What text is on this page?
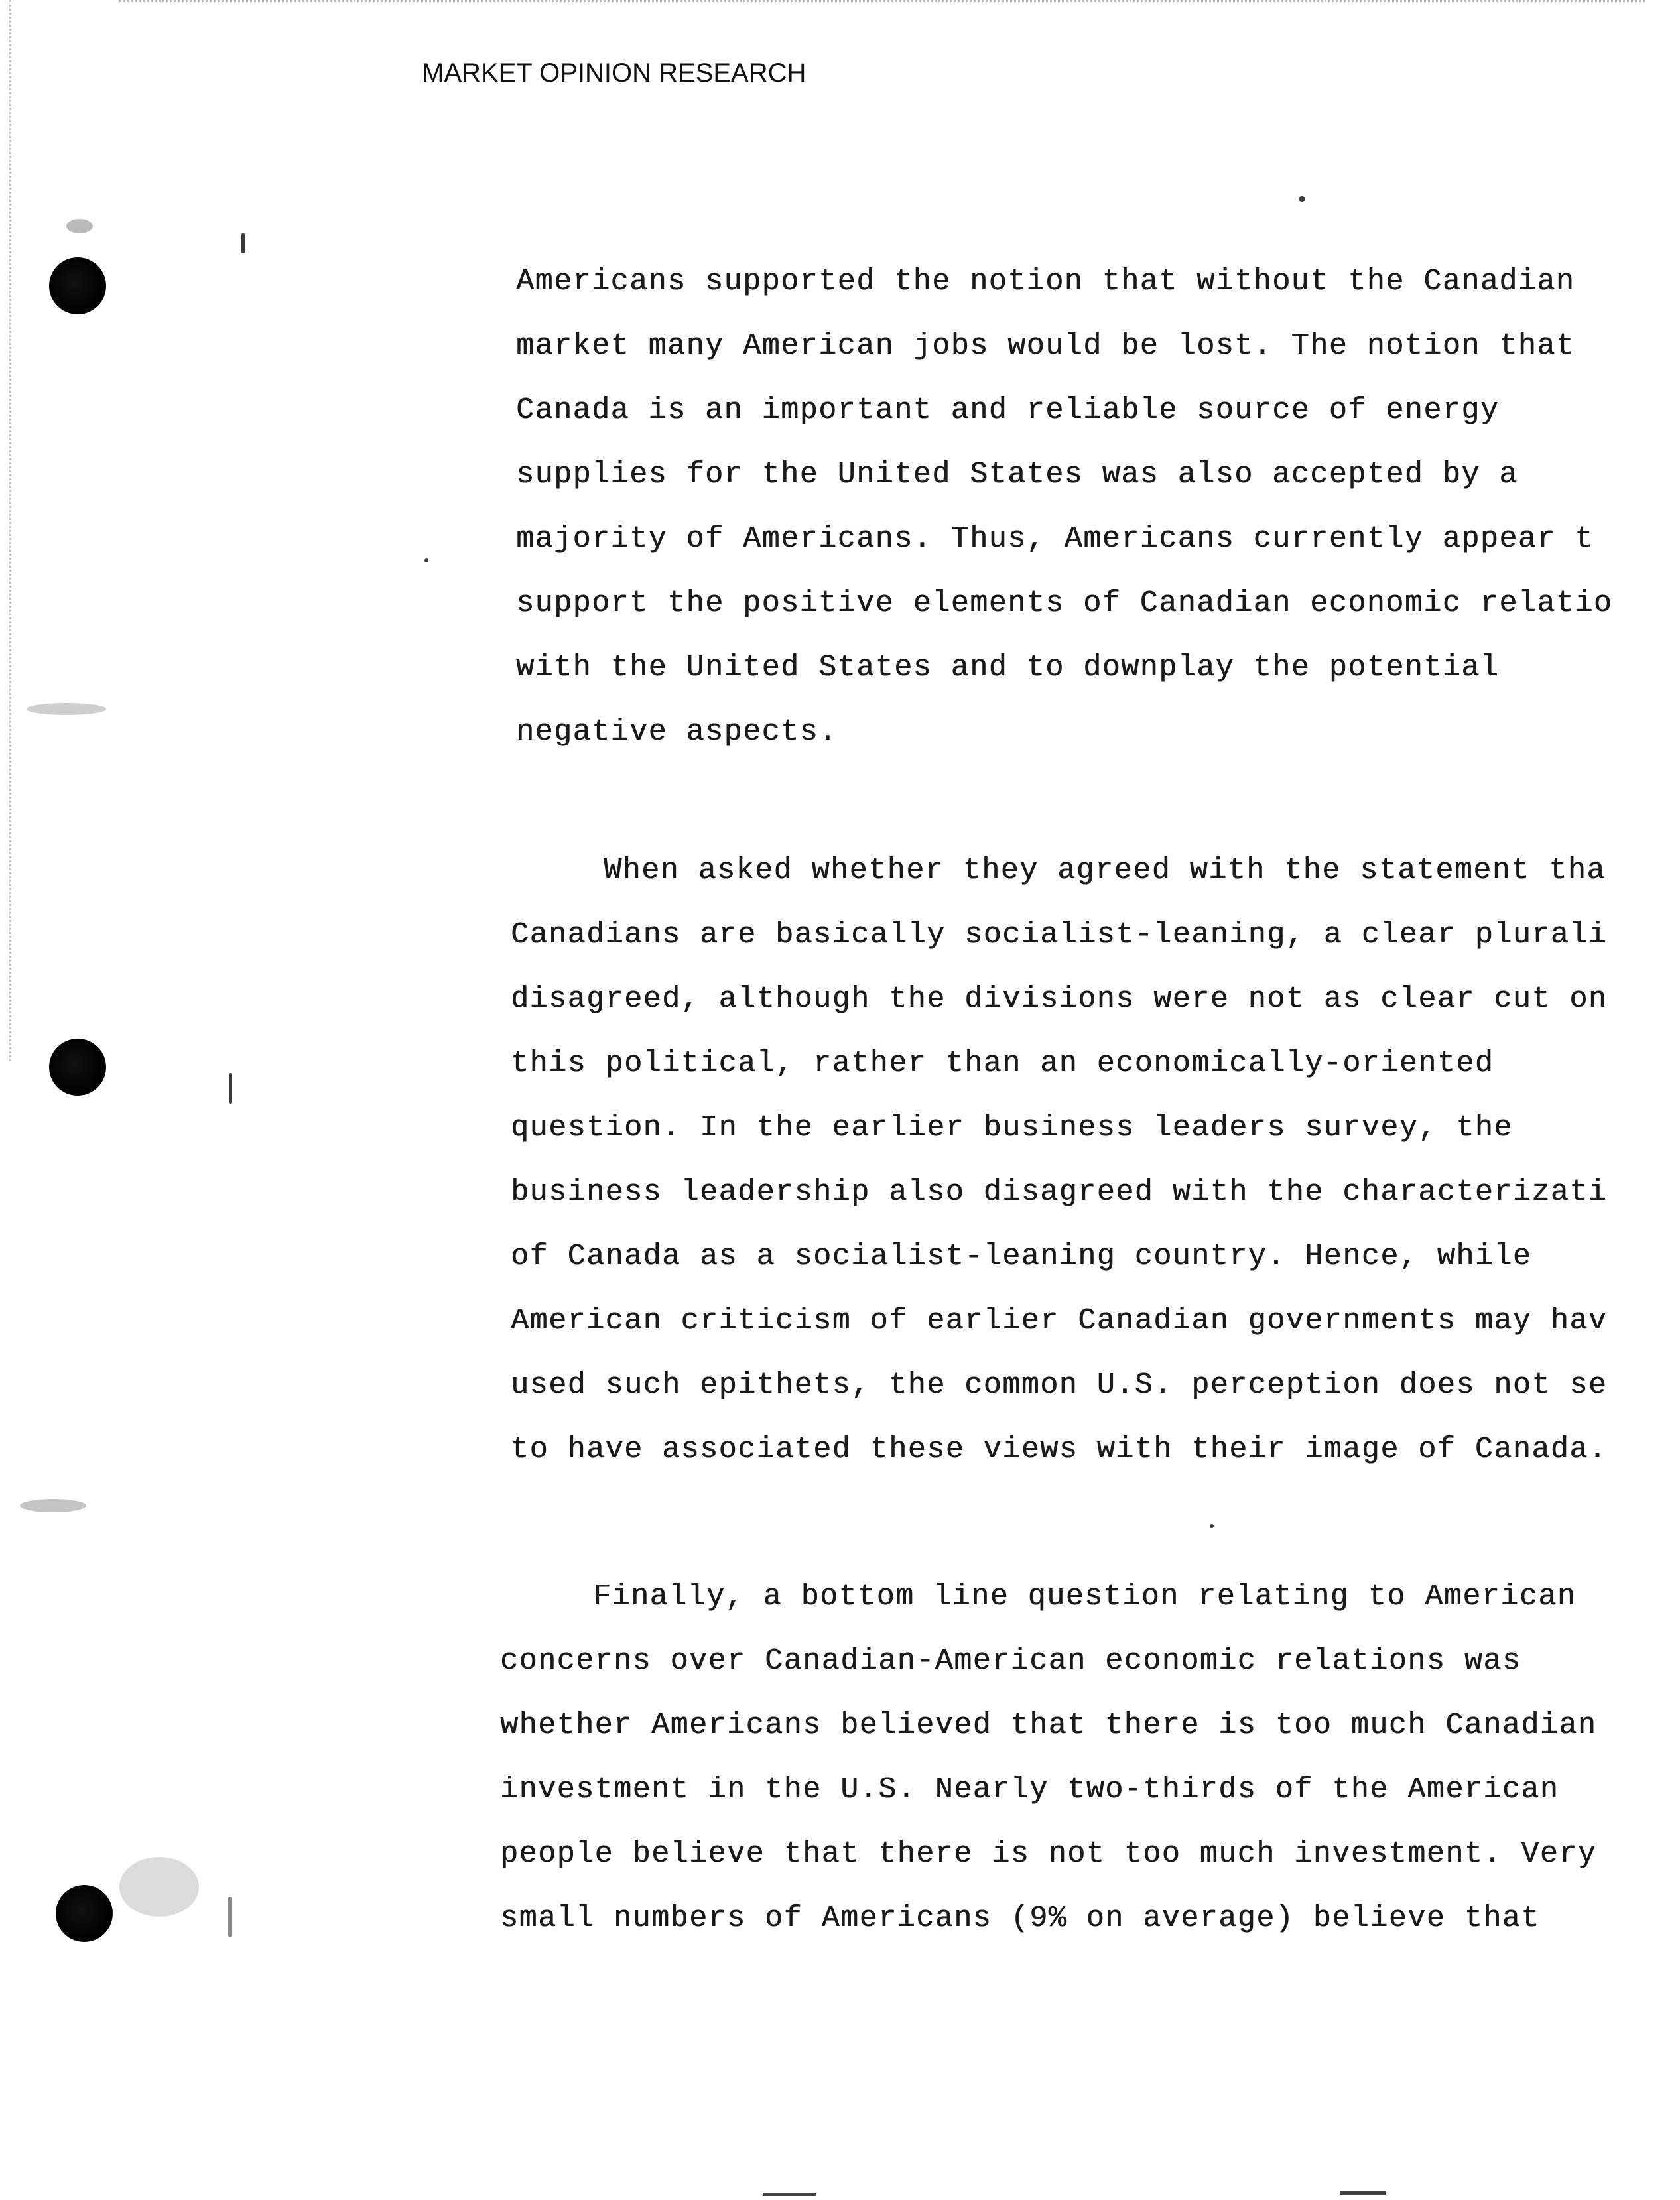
MARKET OPINION RESEARCH
Americans supported the notion that without the Canadian
market many American jobs would be lost. The notion that
Canada is an important and reliable source of energy
supplies for the United States was also accepted by a
majority of Americans. Thus, Americans currently appear t
support the positive elements of Canadian economic relatio
with the United States and to downplay the potential
negative aspects.
When asked whether they agreed with the statement tha
Canadians are basically socialist-leaning, a clear plurali
disagreed, although the divisions were not as clear cut on
this political, rather than an economically-oriented
question. In the earlier business leaders survey, the
business leadership also disagreed with the characterizati
of Canada as a socialist-leaning country. Hence, while
American criticism of earlier Canadian governments may hav
used such epithets, the common U.S. perception does not se
to have associated these views with their image of Canada.
Finally, a bottom line question relating to American
concerns over Canadian-American economic relations was
whether Americans believed that there is too much Canadian
investment in the U.S. Nearly two-thirds of the American
people believe that there is not too much investment. Very
small numbers of Americans (9% on average) believe that
